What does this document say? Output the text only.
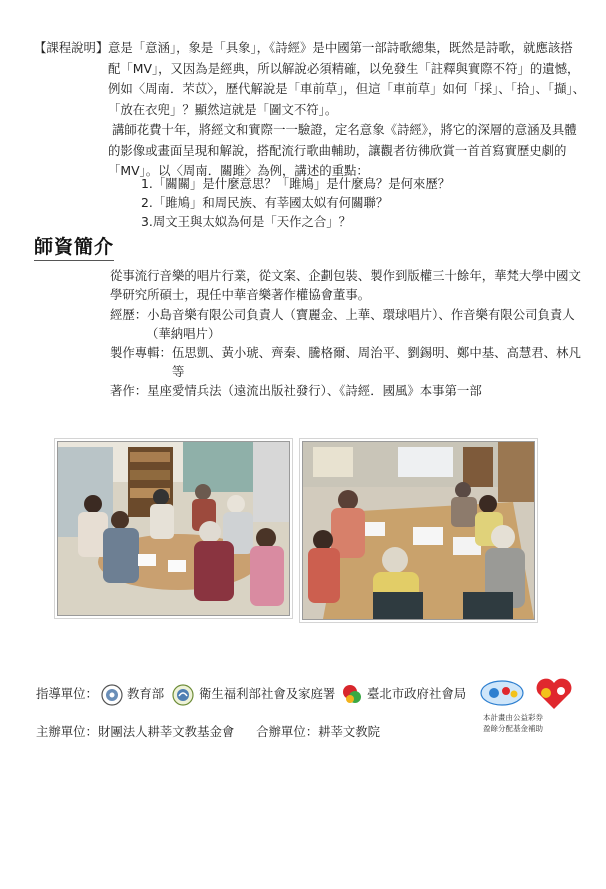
【課程說明】 意是「意涵」，象是「具象」，《詩經》是中國第一部詩歌總集，既然是詩歌，就應該搭
配「MV」，又因為是經典，所以解說必須精確，以免發生「註釋與實際不符」的遺憾，
例如〈周南．芣苡〉，歷代解說是「車前草」，但這「車前草」如何「採」、「拾」、「擷」、
「放在衣兜」？顯然這就是「圖文不符」。
講師花費十年，將經文和實際一一驗證，定名意象《詩經》，將它的深層的意涵及具體
的影像或畫面呈現和解說，搭配流行歌曲輔助，讓觀者彷彿欣賞一首首寫實歷史劇的
「MV」。以〈周南．關雎〉為例，講述的重點：
1.「關關」是什麼意思？「雎鳩」是什麼鳥？是何來歷？
2.「雎鳩」和周民族、有莘國太姒有何關聯？
3.周文王與太姒為何是「天作之合」？
師資簡介
從事流行音樂的唱片行業，從文案、企劃包裝、製作到版權三十餘年，華梵大學中國文
學研究所碩士，現任中華音樂著作權協會董事。
經歷：小島音樂有限公司負責人（寶麗金、上華、環球唱片）、作音樂有限公司負責人
（華納唱片）
製作專輯：伍思凱、黃小琥、齊秦、騰格爾、周治平、劉錫明、鄭中基、高慧君、林凡
等
著作：星座愛情兵法（遠流出版社發行）、《詩經．國風》本事第一部
指導單位： 教育部	衛生福利部社會及家庭署	臺北市政府社會局
本計畫由公益彩券
盈餘分配基金補助
主辦單位：財團法人耕莘文教基金會 合辦單位：耕莘文教院
